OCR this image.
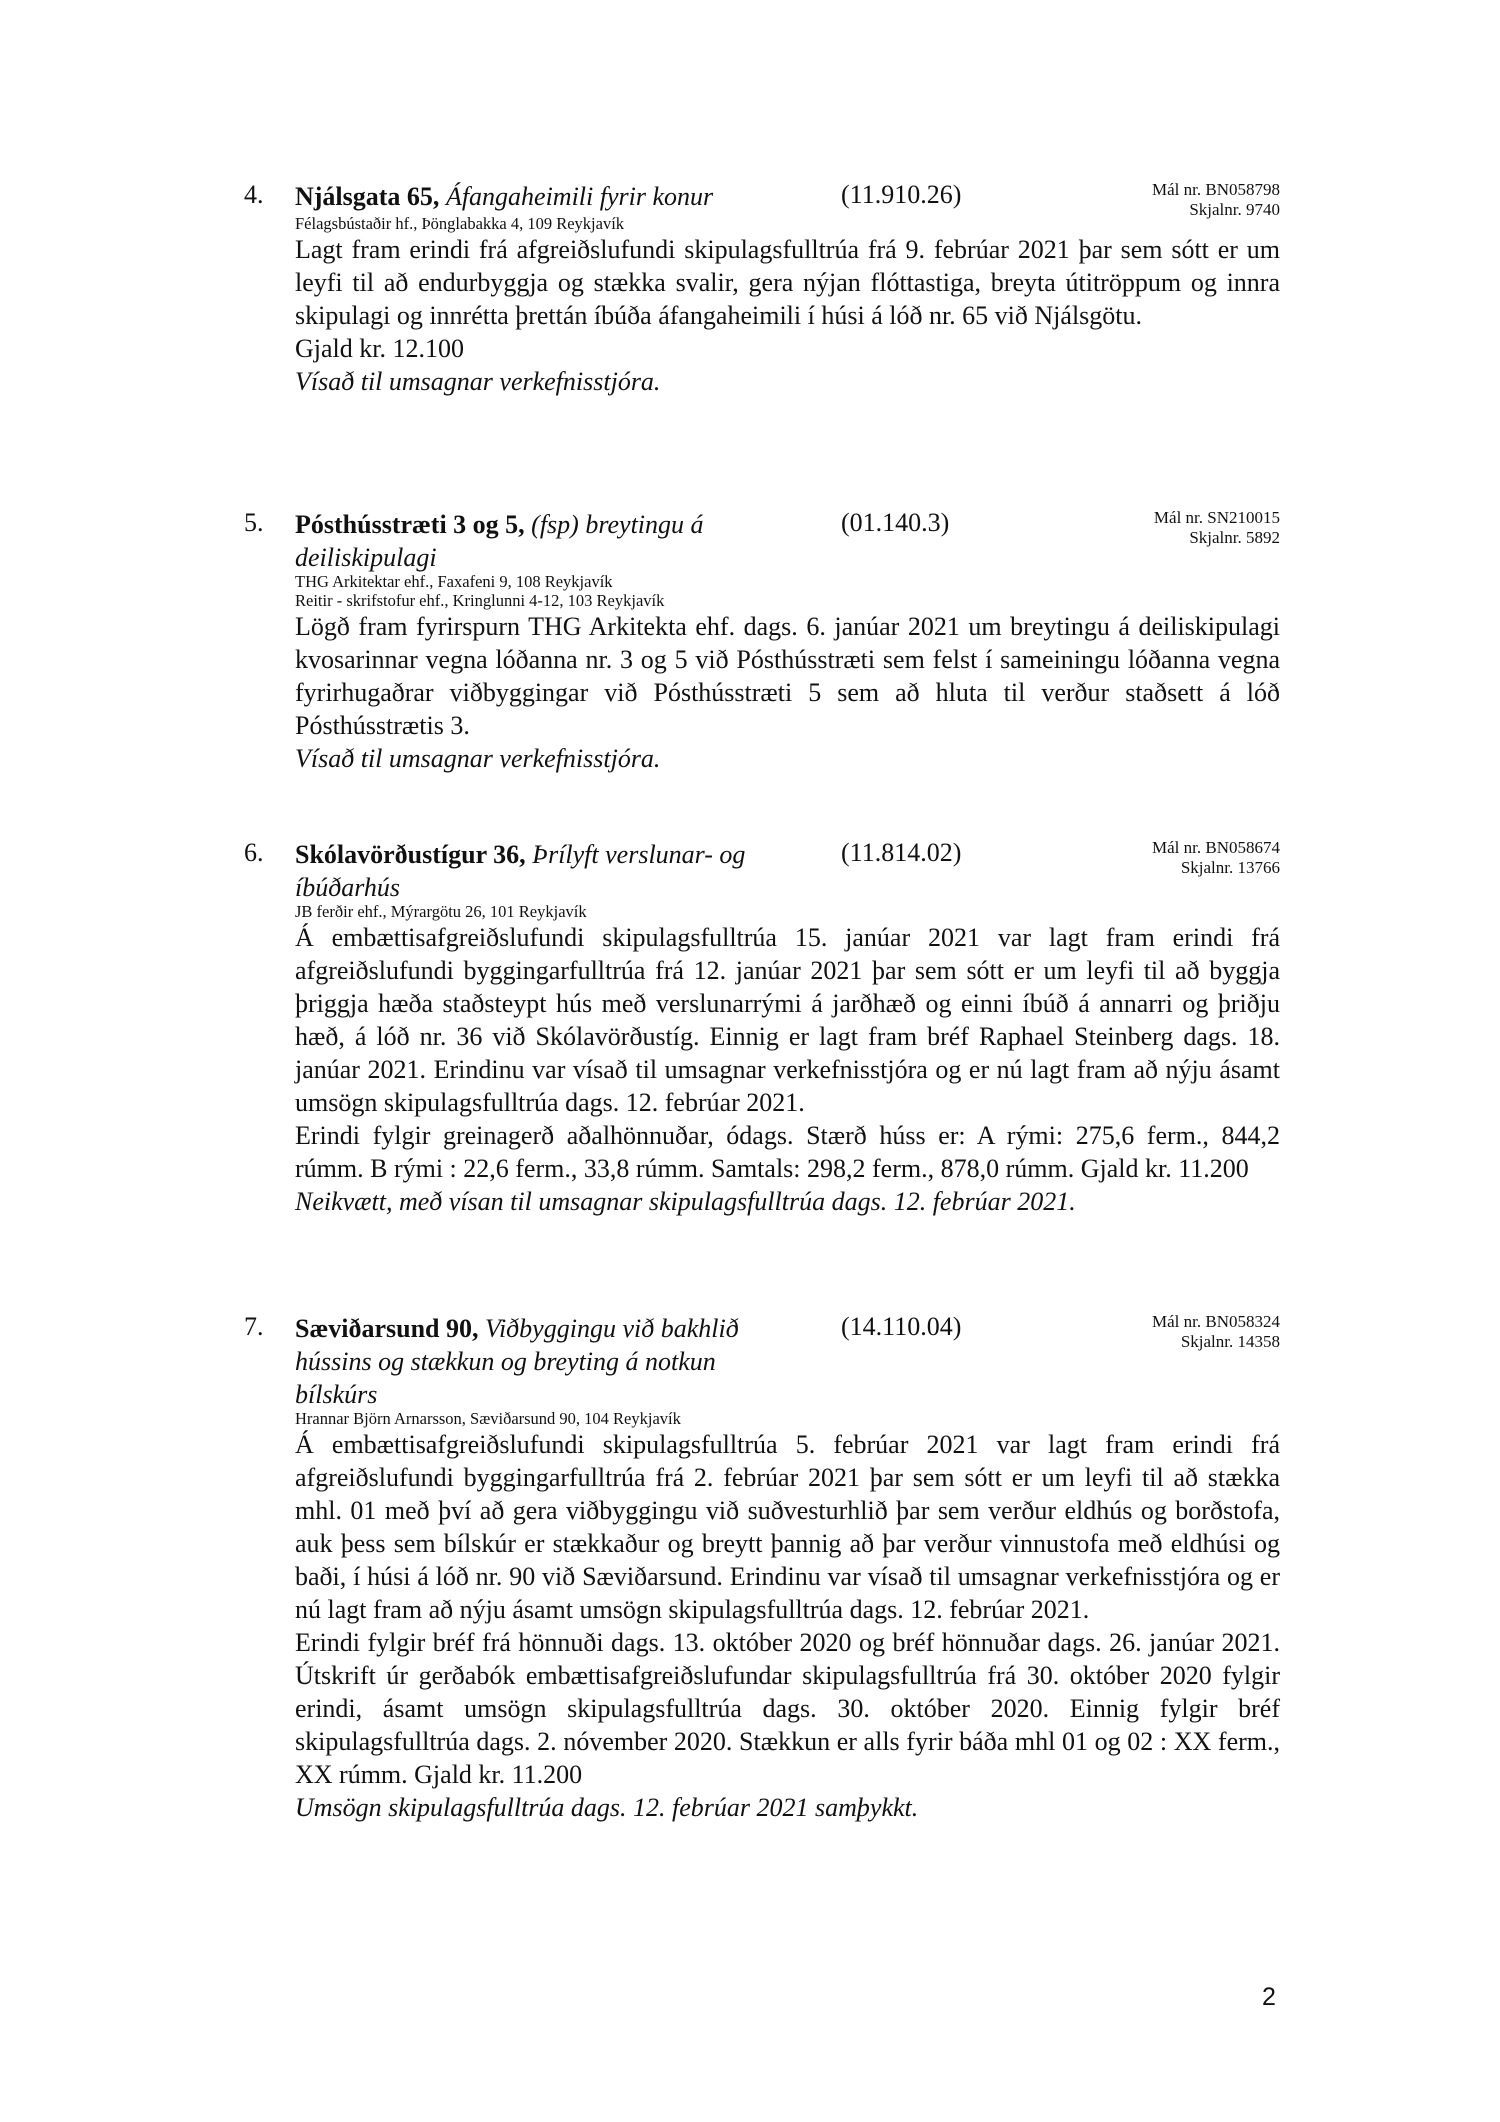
4. Njálsgata 65, Áfangaheimili fyrir konur	(11.910.26)	Mál nr. BN058798
Skjalnr. 9740
Félagsbústaðir hf., Þönglabakka 4, 109 Reykjavík

Lagt fram erindi frá afgreiðslufundi skipulagsfulltrúa frá 9. febrúar 2021 þar sem sótt er um leyfi til að endurbyggja og stækka svalir, gera nýjan flóttastiga, breyta útitröppum og innra skipulagi og innrétta þrettán íbúða áfangaheimili í húsi á lóð nr. 65 við Njálsgötu.

Gjald kr. 12.100

Vísað til umsagnar verkefnisstjóra.

5. Pósthússtræti 3 og 5, (fsp) breytingu á deiliskipulagi
(01.140.3)	Mál nr. SN210015
Skjalnr. 5892
THG Arkitektar ehf., Faxafeni 9, 108 Reykjavík
Reitir - skrifstofur ehf., Kringlunni 4-12, 103 Reykjavík

Lögð fram fyrirspurn THG Arkitekta ehf. dags. 6. janúar 2021 um breytingu á deiliskipulagi kvosarinnar vegna lóðanna nr. 3 og 5 við Pósthússtræti sem felst í sameiningu lóðanna vegna fyrirhugaðrar viðbyggingar við Pósthússtræti 5 sem að hluta til verður staðsett á lóð Pósthússtrætis 3.

Vísað til umsagnar verkefnisstjóra.

6. Skólavörðustígur 36, Þrílyft verslunar- og íbúðarhús
(11.814.02)	Mál nr. BN058674
Skjalnr. 13766
JB ferðir ehf., Mýrargötu 26, 101 Reykjavík

Á embættisafgreiðslufundi skipulagsfulltrúa 15. janúar 2021 var lagt fram erindi frá afgreiðslufundi byggingarfulltrúa frá 12. janúar 2021 þar sem sótt er um leyfi til að byggja þriggja hæða staðsteypt hús með verslunarrými á jarðhæð og einni íbúð á annarri og þriðju hæð, á lóð nr. 36 við Skólavörðustíg. Einnig er lagt fram bréf Raphael Steinberg dags. 18. janúar 2021. Erindinu var vísað til umsagnar verkefnisstjóra og er nú lagt fram að nýju ásamt umsögn skipulagsfulltrúa dags. 12. febrúar 2021.

Erindi fylgir greinagerð aðalhönnuðar, ódags. Stærð húss er: A rými: 275,6 ferm., 844,2 rúmm. B rými : 22,6 ferm., 33,8 rúmm. Samtals: 298,2 ferm., 878,0 rúmm. Gjald kr. 11.200

Neikvætt, með vísan til umsagnar skipulagsfulltrúa dags. 12. febrúar 2021.

7. Sæviðarsund 90, Viðbyggingu við bakhlið hússins og stækkun og breyting á notkun bílskúrs
(14.110.04)	Mál nr. BN058324
Skjalnr. 14358
Hrannar Björn Arnarsson, Sæviðarsund 90, 104 Reykjavík

Á embættisafgreiðslufundi skipulagsfulltrúa 5. febrúar 2021 var lagt fram erindi frá afgreiðslufundi byggingarfulltrúa frá 2. febrúar 2021 þar sem sótt er um leyfi til að stækka mhl. 01 með því að gera viðbyggingu við suðvesturhlið þar sem verður eldhús og borðstofa, auk þess sem bílskúr er stækkaður og breytt þannig að þar verður vinnustofa með eldhúsi og baði, í húsi á lóð nr. 90 við Sæviðarsund. Erindinu var vísað til umsagnar verkefnisstjóra og er nú lagt fram að nýju ásamt umsögn skipulagsfulltrúa dags. 12. febrúar 2021.

Erindi fylgir bréf frá hönnuði dags. 13. október 2020 og bréf hönnuðar dags. 26. janúar 2021. Útskrift úr gerðabók embættisafgreiðslufundar skipulagsfulltrúa frá 30. október 2020 fylgir erindi, ásamt umsögn skipulagsfulltrúa dags. 30. október 2020. Einnig fylgir bréf skipulagsfulltrúa dags. 2. nóvember 2020. Stækkun er alls fyrir báða mhl 01 og 02 : XX ferm., XX rúmm. Gjald kr. 11.200

Umsögn skipulagsfulltrúa dags. 12. febrúar 2021 samþykkt.

2
